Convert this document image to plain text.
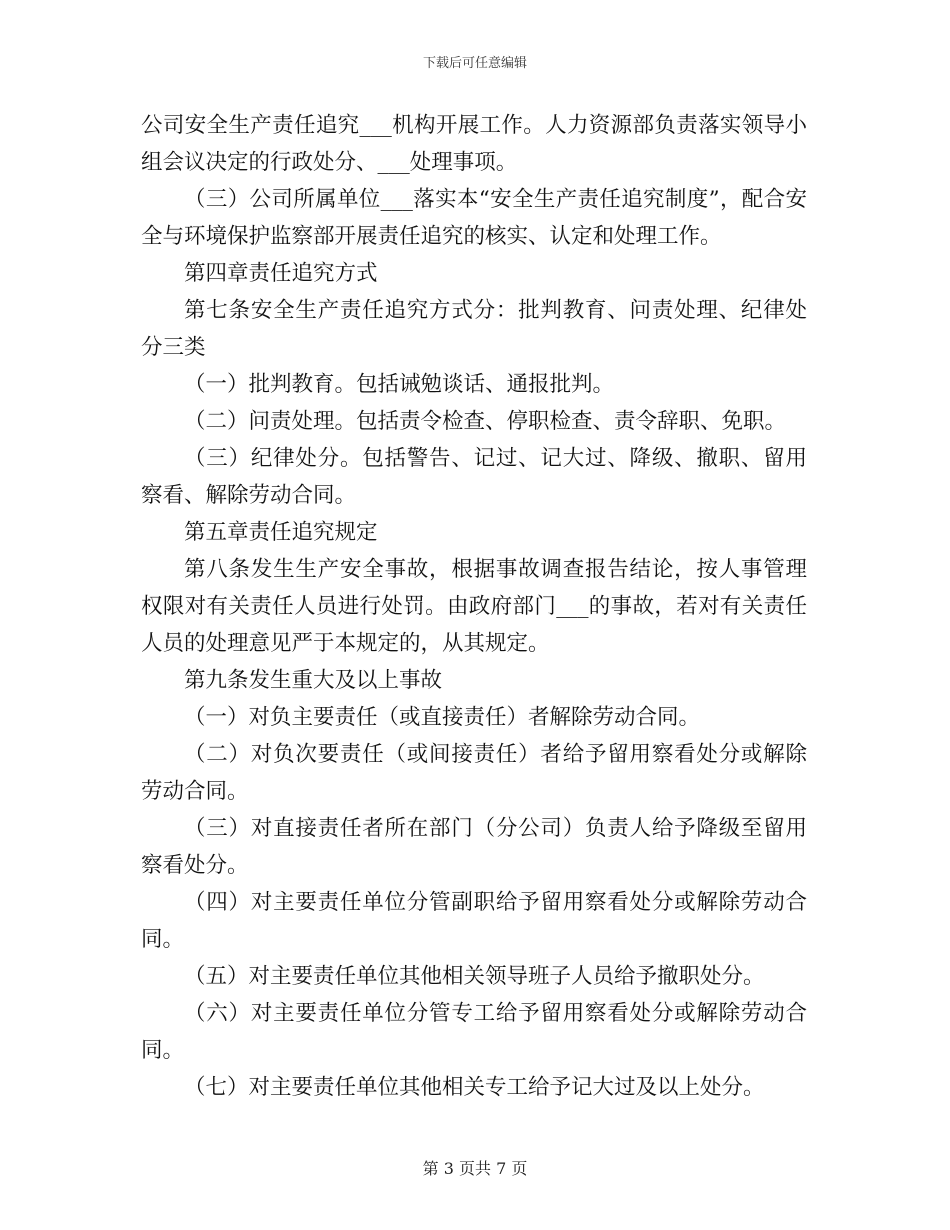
下载后可任意编辑

公司安全生产责任追究___机构开展工作。人力资源部负责落实领导小组会议决定的行政处分、___处理事项。

（三）公司所属单位___落实本“安全生产责任追究制度”，配合安全与环境保护监察部开展责任追究的核实、认定和处理工作。

第四章责任追究方式

第七条安全生产责任追究方式分：批判教育、问责处理、纪律处分三类

（一）批判教育。包括诫勉谈话、通报批判。

（二）问责处理。包括责令检查、停职检查、责令辞职、免职。

（三）纪律处分。包括警告、记过、记大过、降级、撤职、留用察看、解除劳动合同。

第五章责任追究规定

第八条发生生产安全事故，根据事故调查报告结论，按人事管理权限对有关责任人员进行处罚。由政府部门___的事故，若对有关责任人员的处理意见严于本规定的，从其规定。

第九条发生重大及以上事故

（一）对负主要责任（或直接责任）者解除劳动合同。

（二）对负次要责任（或间接责任）者给予留用察看处分或解除劳动合同。

（三）对直接责任者所在部门（分公司）负责人给予降级至留用察看处分。

（四）对主要责任单位分管副职给予留用察看处分或解除劳动合同。

（五）对主要责任单位其他相关领导班子人员给予撤职处分。

（六）对主要责任单位分管专工给予留用察看处分或解除劳动合同。

（七）对主要责任单位其他相关专工给予记大过及以上处分。

第 3 页共 7 页
